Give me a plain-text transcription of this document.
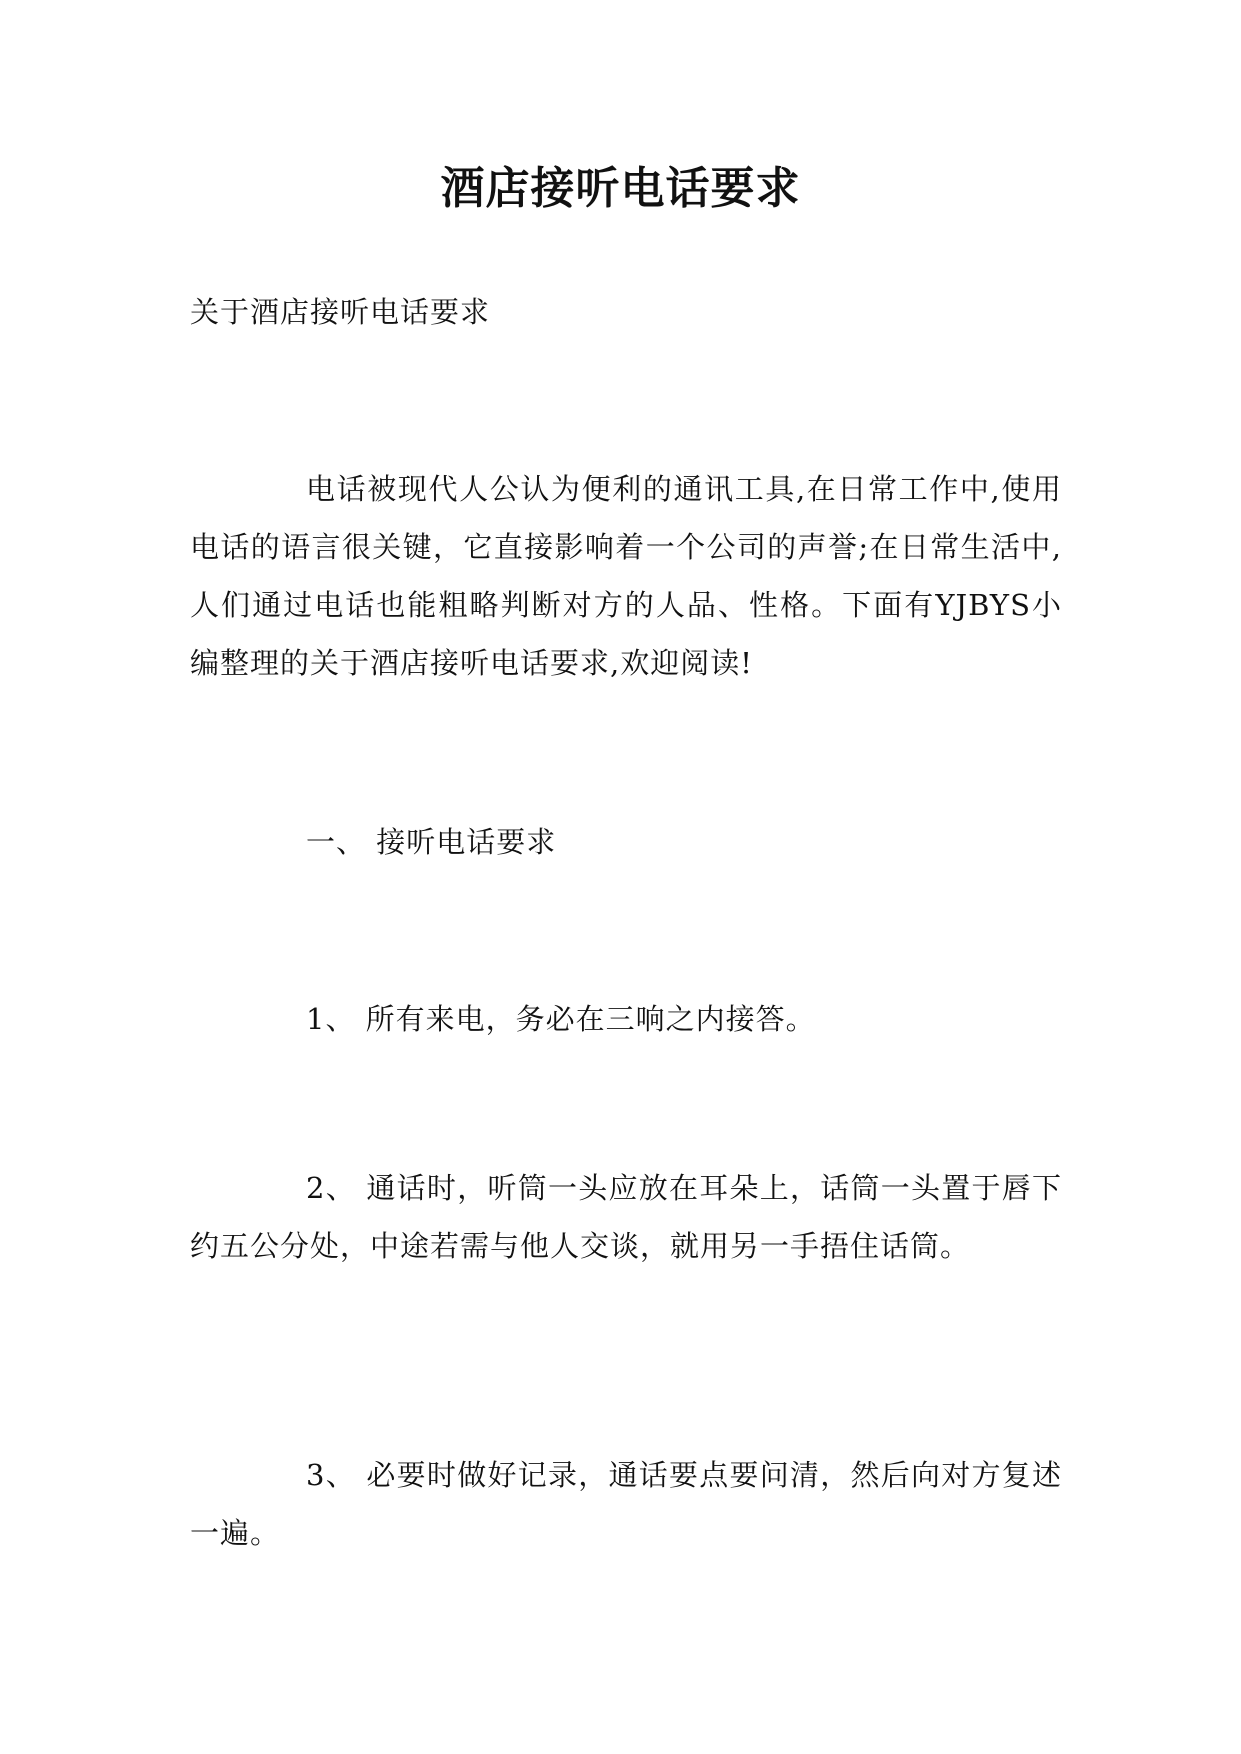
酒店接听电话要求
关于酒店接听电话要求

电话被现代人公认为便利的通讯工具,在日常工作中,使用电话的语言很关键，它直接影响着一个公司的声誉;在日常生活中,人们通过电话也能粗略判断对方的人品、性格。下面有YJBYS小编整理的关于酒店接听电话要求,欢迎阅读!

一、 接听电话要求

1、 所有来电，务必在三响之内接答。

2、 通话时，听筒一头应放在耳朵上，话筒一头置于唇下约五公分处，中途若需与他人交谈，就用另一手捂住话筒。

3、 必要时做好记录，通话要点要问清，然后向对方复述一遍。
